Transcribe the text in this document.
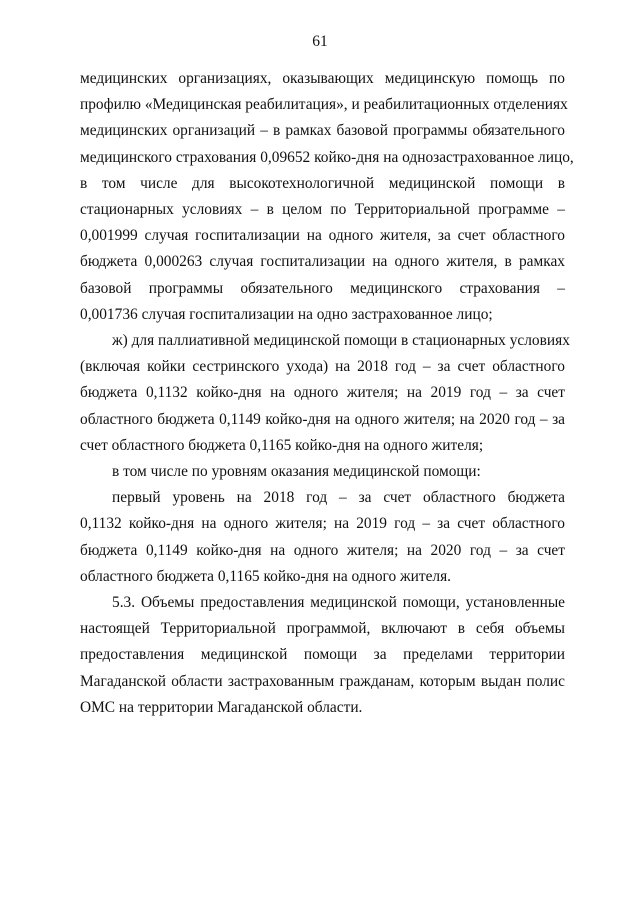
61

медицинских организациях, оказывающих медицинскую помощь по
профилю «Медицинская реабилитация», и реабилитационных отделениях
медицинских организаций – в рамках базовой программы обязательного
медицинского страхования 0,09652 койко-дня на однозастрахованное лицо,
в том числе для высокотехнологичной медицинской помощи в
стационарных условиях – в целом по Территориальной программе –
0,001999 случая госпитализации на одного жителя, за счет областного
бюджета 0,000263 случая госпитализации на одного жителя, в рамках
базовой программы обязательного медицинского страхования –
0,001736 случая госпитализации на одно застрахованное лицо;

ж) для паллиативной медицинской помощи в стационарных условиях
(включая койки сестринского ухода) на 2018 год – за счет областного
бюджета 0,1132 койко-дня на одного жителя; на 2019 год – за счет
областного бюджета 0,1149 койко-дня на одного жителя; на 2020 год – за
счет областного бюджета 0,1165 койко-дня на одного жителя;

в том числе по уровням оказания медицинской помощи:

первый уровень на 2018 год – за счет областного бюджета
0,1132 койко-дня на одного жителя; на 2019 год – за счет областного
бюджета 0,1149 койко-дня на одного жителя; на 2020 год – за счет
областного бюджета 0,1165 койко-дня на одного жителя.

5.3. Объемы предоставления медицинской помощи, установленные
настоящей Территориальной программой, включают в себя объемы
предоставления медицинской помощи за пределами территории
Магаданской области застрахованным гражданам, которым выдан полис
ОМС на территории Магаданской области.
